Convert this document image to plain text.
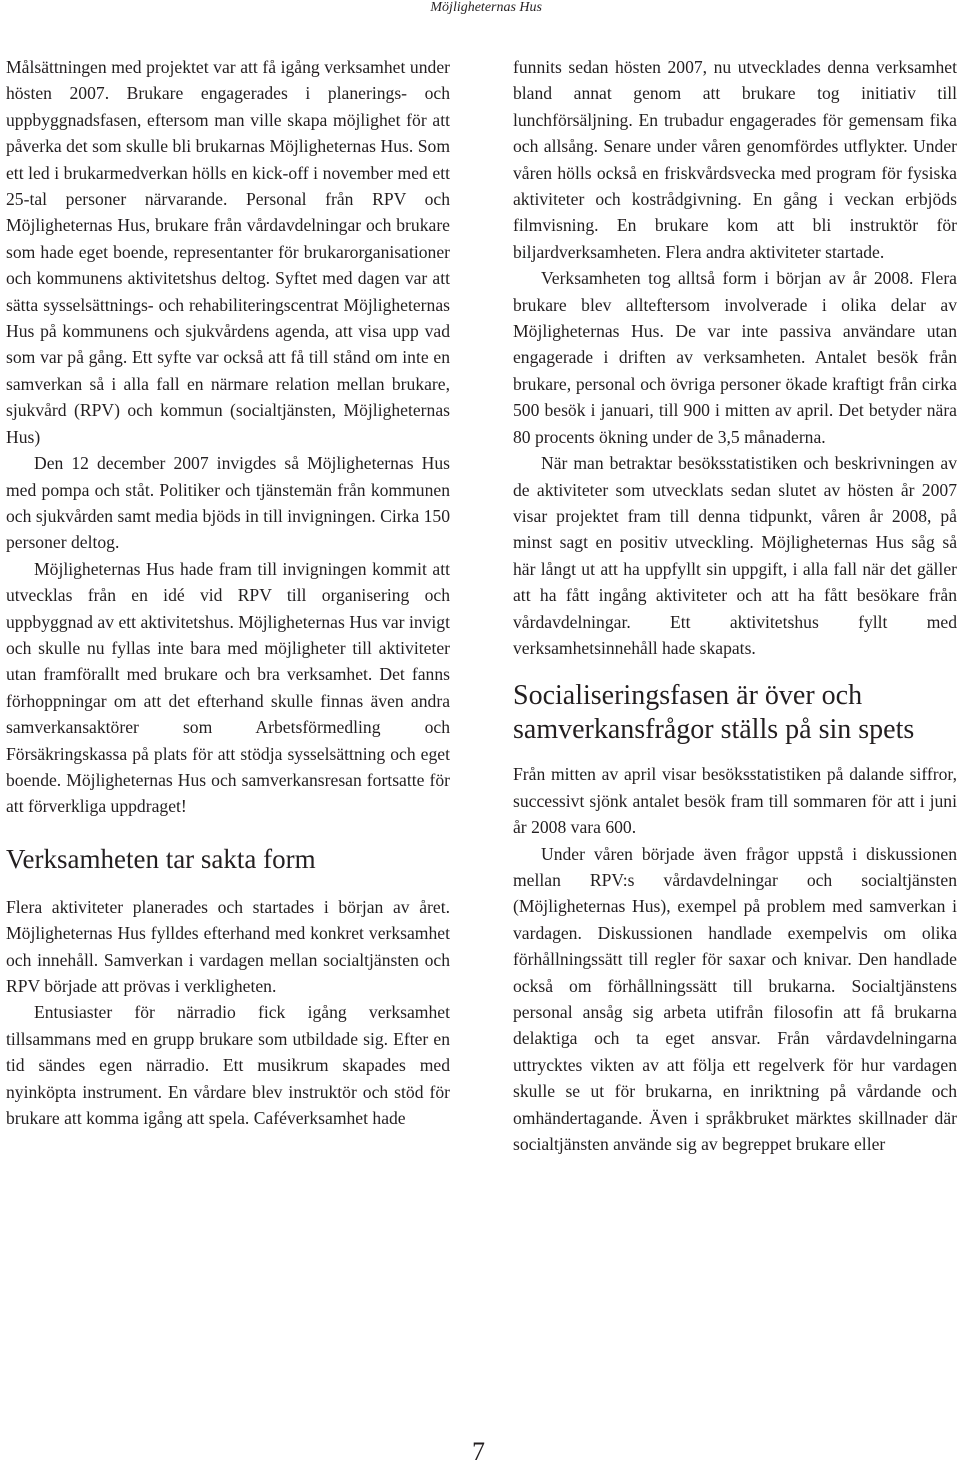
Möjligheternas Hus

Målsättningen med projektet var att få igång verksamhet under hösten 2007. Brukare engagerades i planerings- och uppbyggnadsfasen, eftersom man ville skapa möjlighet för att påverka det som skulle bli brukarnas Möjligheternas Hus. Som ett led i brukarmedverkan hölls en kick-off i november med ett 25-tal personer närvarande. Personal från RPV och Möjligheternas Hus, brukare från vårdavdelningar och brukare som hade eget boende, representanter för brukarorganisationer och kommunens aktivitetshus deltog. Syftet med dagen var att sätta sysselsättnings- och rehabiliteringscentrat Möjligheternas Hus på kommunens och sjukvårdens agenda, att visa upp vad som var på gång. Ett syfte var också att få till stånd om inte en samverkan så i alla fall en närmare relation mellan brukare, sjukvård (RPV) och kommun (socialtjänsten, Möjligheternas Hus)

Den 12 december 2007 invigdes så Möjligheternas Hus med pompa och ståt. Politiker och tjänstemän från kommunen och sjukvården samt media bjöds in till invigningen. Cirka 150 personer deltog.

Möjligheternas Hus hade fram till invigningen kommit att utvecklas från en idé vid RPV till organisering och uppbyggnad av ett aktivitetshus. Möjligheternas Hus var invigt och skulle nu fyllas inte bara med möjligheter till aktiviteter utan framförallt med brukare och bra verksamhet. Det fanns förhoppningar om att det efterhand skulle finnas även andra samverkansaktörer som Arbetsförmedling och Försäkringskassa på plats för att stödja sysselsättning och eget boende. Möjligheternas Hus och samverkansresan fortsatte för att förverkliga uppdraget!

Verksamheten tar sakta form

Flera aktiviteter planerades och startades i början av året. Möjligheternas Hus fylldes efterhand med konkret verksamhet och innehåll. Samverkan i vardagen mellan socialtjänsten och RPV började att prövas i verkligheten.

Entusiaster för närradio fick igång verksamhet tillsammans med en grupp brukare som utbildade sig. Efter en tid sändes egen närradio. Ett musikrum skapades med nyinköpta instrument. En vårdare blev instruktör och stöd för brukare att komma igång att spela. Caféverksamhet hade

funnits sedan hösten 2007, nu utvecklades denna verksamhet bland annat genom att brukare tog initiativ till lunchförsäljning. En trubadur engagerades för gemensam fika och allsång. Senare under våren genomfördes utflykter. Under våren hölls också en friskvårdsvecka med program för fysiska aktiviteter och kostrådgivning. En gång i veckan erbjöds filmvisning. En brukare kom att bli instruktör för biljardverksamheten. Flera andra aktiviteter startade.

Verksamheten tog alltså form i början av år 2008. Flera brukare blev allteftersom involverade i olika delar av Möjligheternas Hus. De var inte passiva användare utan engagerade i driften av verksamheten. Antalet besök från brukare, personal och övriga personer ökade kraftigt från cirka 500 besök i januari, till 900 i mitten av april. Det betyder nära 80 procents ökning under de 3,5 månaderna.

När man betraktar besöksstatistiken och beskrivningen av de aktiviteter som utvecklats sedan slutet av hösten år 2007 visar projektet fram till denna tidpunkt, våren år 2008, på minst sagt en positiv utveckling. Möjligheternas Hus såg så här långt ut att ha uppfyllt sin uppgift, i alla fall när det gäller att ha fått ingång aktiviteter och att ha fått besökare från vårdavdelningar. Ett aktivitetshus fyllt med verksamhetsinnehåll hade skapats.

Socialiseringsfasen är över och samverkansfrågor ställs på sin spets

Från mitten av april visar besöksstatistiken på dalande siffror, successivt sjönk antalet besök fram till sommaren för att i juni år 2008 vara 600.

Under våren började även frågor uppstå i diskussionen mellan RPV:s vårdavdelningar och socialtjänsten (Möjligheternas Hus), exempel på problem med samverkan i vardagen. Diskussionen handlade exempelvis om olika förhållningssätt till regler för saxar och knivar. Den handlade också om förhållningssätt till brukarna. Socialtjänstens personal ansåg sig arbeta utifrån filosofin att få brukarna delaktiga och ta eget ansvar. Från vårdavdelningarna uttrycktes vikten av att följa ett regelverk för hur vardagen skulle se ut för brukarna, en inriktning på vårdande och omhändertagande. Även i språkbruket märktes skillnader där socialtjänsten använde sig av begreppet brukare eller

7
